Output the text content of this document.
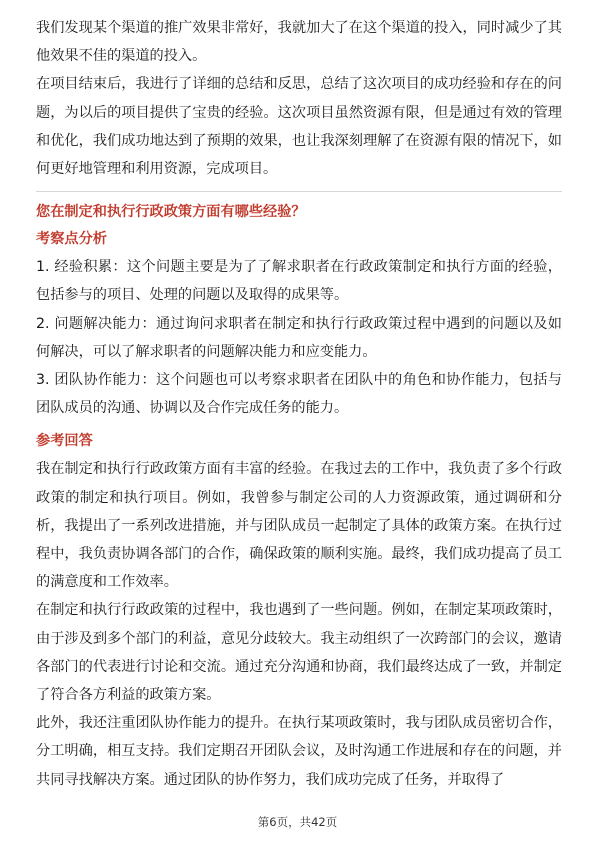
我们发现某个渠道的推广效果非常好，我就加大了在这个渠道的投入，同时减少了其他效果不佳的渠道的投入。

在项目结束后，我进行了详细的总结和反思，总结了这次项目的成功经验和存在的问题，为以后的项目提供了宝贵的经验。这次项目虽然资源有限，但是通过有效的管理和优化，我们成功地达到了预期的效果，也让我深刻理解了在资源有限的情况下，如何更好地管理和利用资源，完成项目。

您在制定和执行行政政策方面有哪些经验？

考察点分析

1. 经验积累：这个问题主要是为了了解求职者在行政政策制定和执行方面的经验，包括参与的项目、处理的问题以及取得的成果等。

2. 问题解决能力：通过询问求职者在制定和执行行政政策过程中遇到的问题以及如何解决，可以了解求职者的问题解决能力和应变能力。

3. 团队协作能力：这个问题也可以考察求职者在团队中的角色和协作能力，包括与团队成员的沟通、协调以及合作完成任务的能力。

参考回答

我在制定和执行行政政策方面有丰富的经验。在我过去的工作中，我负责了多个行政政策的制定和执行项目。例如，我曾参与制定公司的人力资源政策，通过调研和分析，我提出了一系列改进措施，并与团队成员一起制定了具体的政策方案。在执行过程中，我负责协调各部门的合作，确保政策的顺利实施。最终，我们成功提高了员工的满意度和工作效率。

在制定和执行行政政策的过程中，我也遇到了一些问题。例如，在制定某项政策时，由于涉及到多个部门的利益，意见分歧较大。我主动组织了一次跨部门的会议，邀请各部门的代表进行讨论和交流。通过充分沟通和协商，我们最终达成了一致，并制定了符合各方利益的政策方案。

此外，我还注重团队协作能力的提升。在执行某项政策时，我与团队成员密切合作，分工明确，相互支持。我们定期召开团队会议，及时沟通工作进展和存在的问题，并共同寻找解决方案。通过团队的协作努力，我们成功完成了任务，并取得了

第6页，共42页
